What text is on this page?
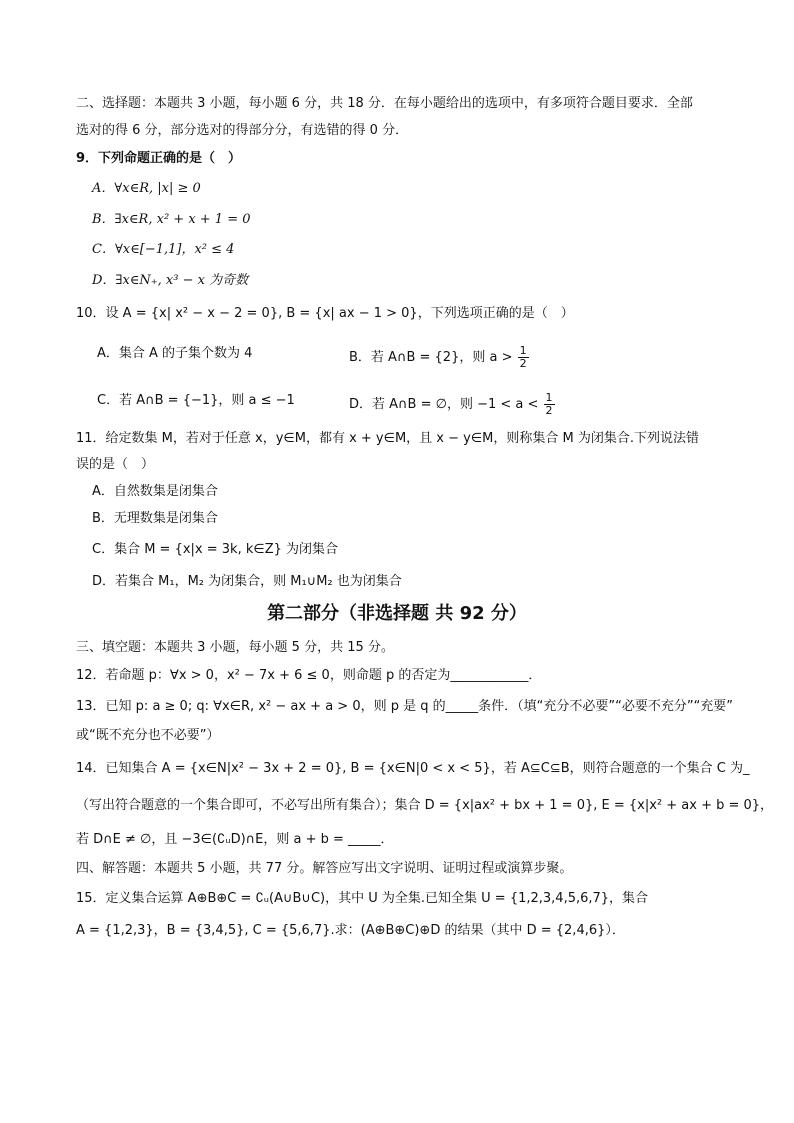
二、选择题：本题共 3 小题，每小题 6 分，共 18 分．在每小题给出的选项中，有多项符合题目要求．全部
选对的得 6 分，部分选对的得部分分，有选错的得 0 分．
9．下列命题正确的是（　）
A．∀x∈R, |x| ≥ 0
B．∃x∈R, x² + x + 1 = 0
C．∀x∈[−1,1]，x² ≤ 4
D．∃x∈N₊, x³ − x 为奇数
10．设 A = {x| x² − x − 2 = 0}, B = {x| ax − 1 > 0}，下列选项正确的是（　）
A．集合 A 的子集个数为 4	B．若 A∩B = {2}，则 $a > \frac{1}{2}$
C．若 A∩B = {−1}，则 a ≤ −1	D．若 A∩B = ∅，则 $-1 < a < \frac{1}{2}$
11．给定数集 M，若对于任意 x，y∈M，都有 x + y∈M，且 x − y∈M，则称集合 M 为闭集合.下列说法错
误的是（　）
A．自然数集是闭集合
B．无理数集是闭集合
C．集合 M = {x|x = 3k, k∈Z} 为闭集合
D．若集合 M₁，M₂ 为闭集合，则 M₁∪M₂ 也为闭集合
第二部分（非选择题 共 92 分）
三、填空题：本题共 3 小题，每小题 5 分，共 15 分。
12．若命题 p：∀x > 0，x² − 7x + 6 ≤ 0，则命题 p 的否定为____________．
13．已知 p: a ≥ 0; q: ∀x∈R, x² − ax + a > 0，则 p 是 q 的_____条件．（填“充分不必要”“必要不充分”“充要”
或“既不充分也不必要”）
14．已知集合 A = {x∈N|x² − 3x + 2 = 0}, B = {x∈N|0 < x < 5}，若 A⊆C⊆B，则符合题意的一个集合 C 为_
（写出符合题意的一个集合即可，不必写出所有集合）；集合 D = {x|ax² + bx + 1 = 0}, E = {x|x² + ax + b = 0}，
若 D∩E ≠ ∅，且 −3∈(∁ᵤD)∩E，则 a + b = _____．
四、解答题：本题共 5 小题，共 77 分。解答应写出文字说明、证明过程或演算步聚。
15．定义集合运算 A⊕B⊕C = ∁ᵤ(A∪B∪C)，其中 U 为全集.已知全集 U = {1,2,3,4,5,6,7}，集合
A = {1,2,3}，B = {3,4,5}, C = {5,6,7}.求：(A⊕B⊕C)⊕D 的结果（其中 D = {2,4,6}）．
